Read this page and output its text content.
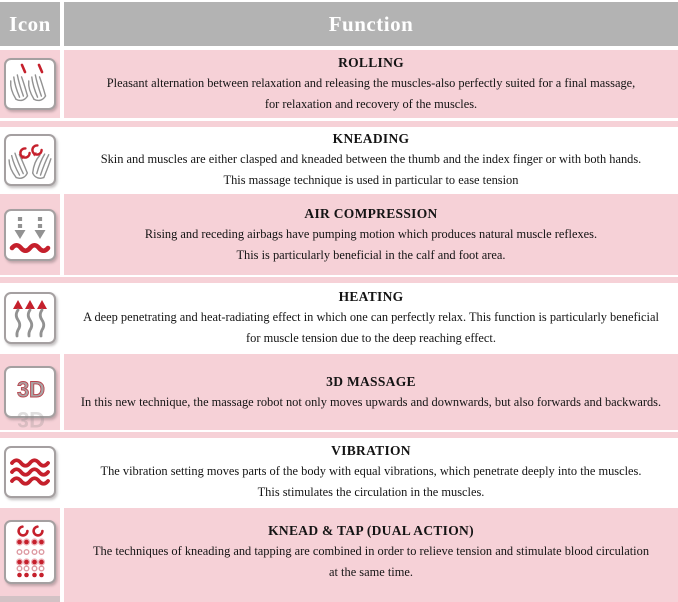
Icon	Function
ROLLING
Pleasant alternation between relaxation and releasing the muscles-also perfectly suited for a final massage,
for relaxation and recovery of the muscles.
KNEADING
Skin and muscles are either clasped and kneaded between the thumb and the index finger or with both hands.
This massage technique is used in particular to ease tension
AIR COMPRESSION
Rising and receding airbags have pumping motion which produces natural muscle reflexes.
This is particularly beneficial in the calf and foot area.
HEATING
A deep penetrating and heat-radiating effect in which one can perfectly relax. This function is particularly beneficial
for muscle tension due to the deep reaching effect.
3D
3D
3D MASSAGE
In this new technique, the massage robot not only moves upwards and downwards, but also forwards and backwards.
VIBRATION
The vibration setting moves parts of the body with equal vibrations, which penetrate deeply into the muscles.
This stimulates the circulation in the muscles.
KNEAD & TAP (DUAL ACTION)
The techniques of kneading and tapping are combined in order to relieve tension and stimulate blood circulation
at the same time.
